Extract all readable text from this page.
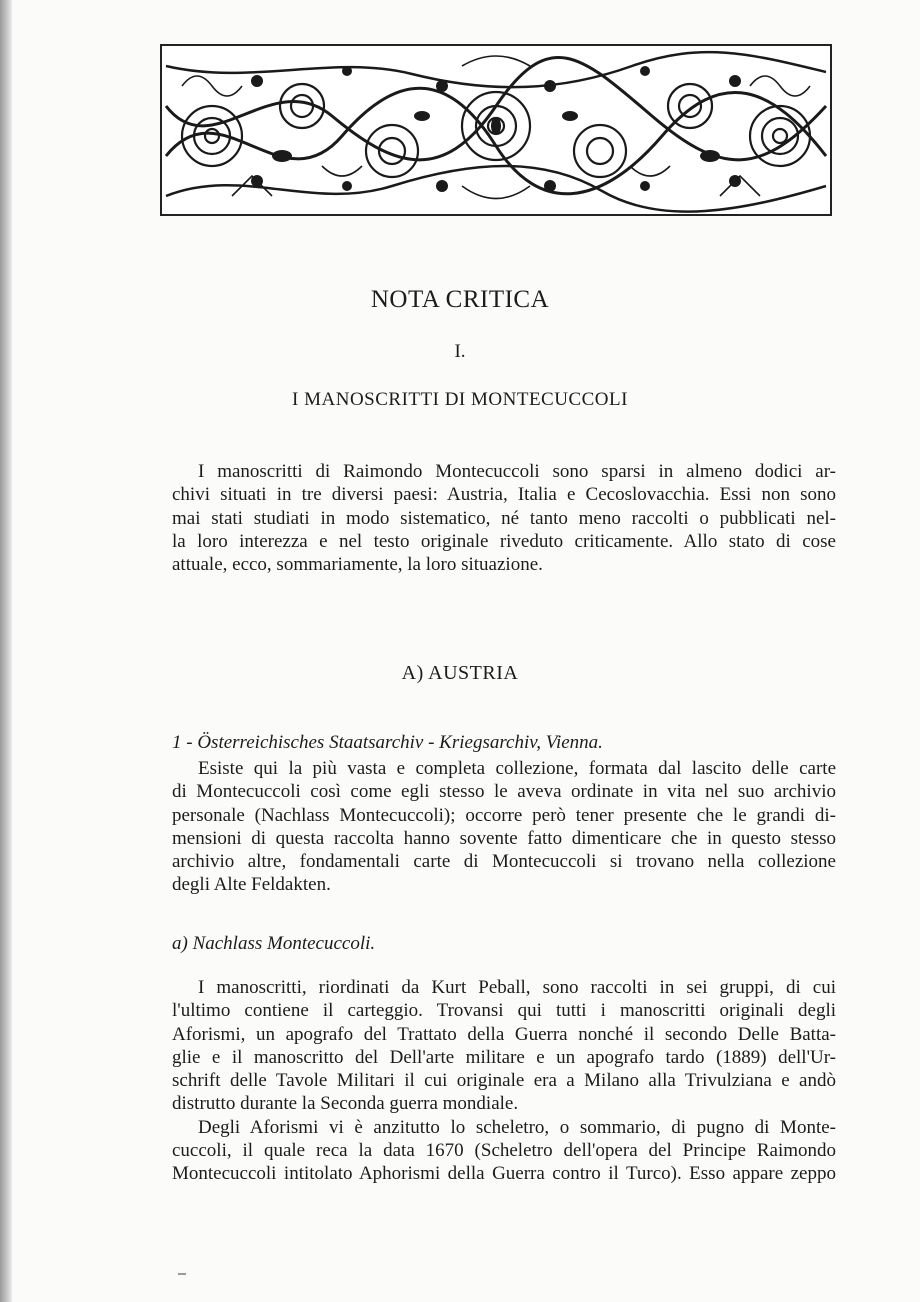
NOTA CRITICA
I.
I MANOSCRITTI DI MONTECUCCOLI
I manoscritti di Raimondo Montecuccoli sono sparsi in almeno dodici ar-
chivi situati in tre diversi paesi: Austria, Italia e Cecoslovacchia. Essi non sono
mai stati studiati in modo sistematico, né tanto meno raccolti o pubblicati nel-
la loro interezza e nel testo originale riveduto criticamente. Allo stato di cose
attuale, ecco, sommariamente, la loro situazione.
A) AUSTRIA
1 - Österreichisches Staatsarchiv - Kriegsarchiv, Vienna.
Esiste qui la più vasta e completa collezione, formata dal lascito delle carte
di Montecuccoli così come egli stesso le aveva ordinate in vita nel suo archivio
personale (Nachlass Montecuccoli); occorre però tener presente che le grandi di-
mensioni di questa raccolta hanno sovente fatto dimenticare che in questo stesso
archivio altre, fondamentali carte di Montecuccoli si trovano nella collezione
degli Alte Feldakten.
a) Nachlass Montecuccoli.
I manoscritti, riordinati da Kurt Peball, sono raccolti in sei gruppi, di cui
l'ultimo contiene il carteggio. Trovansi qui tutti i manoscritti originali degli
Aforismi, un apografo del Trattato della Guerra nonché il secondo Delle Batta-
glie e il manoscritto del Dell'arte militare e un apografo tardo (1889) dell'Ur-
schrift delle Tavole Militari il cui originale era a Milano alla Trivulziana e andò
distrutto durante la Seconda guerra mondiale.
Degli Aforismi vi è anzitutto lo scheletro, o sommario, di pugno di Monte-
cuccoli, il quale reca la data 1670 (Scheletro dell'opera del Principe Raimondo
Montecuccoli intitolato Aphorismi della Guerra contro il Turco). Esso appare zeppo
